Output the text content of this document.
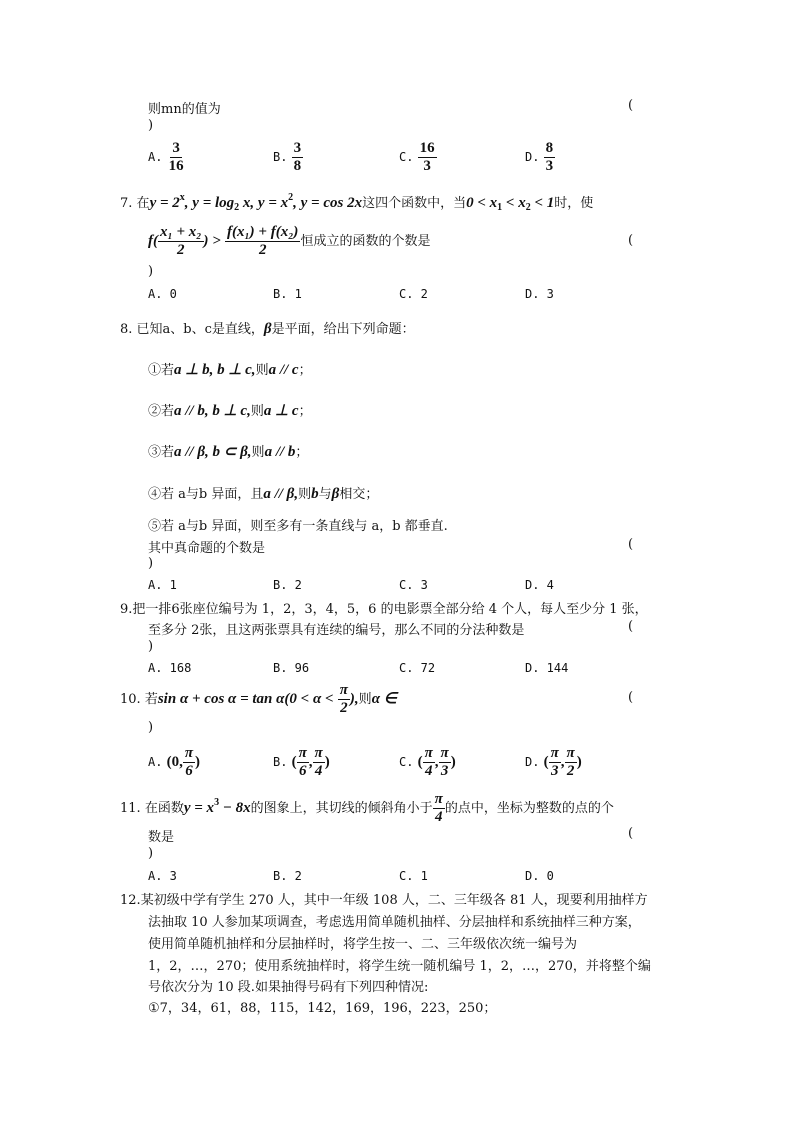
则mn的值为	(
)
A. $\frac{3}{16}$	B. $\frac{3}{8}$	C. $\frac{16}{3}$	D. $\frac{8}{3}$
7. 在$y = 2^x$, $y = \log_2 x$, $y = x^2$, y = cos 2x这四个函数中，当$0 < x_1 < x_2 < 1$时，使
$f( \frac{\text{x₁ + x₂}}{2}$ ) > $\frac{\text{f(x₁) + f(x₂)}}{2}$ 恒成立的函数的个数是	(
)
A. 0	B. 1	C. 2	D. 3
8. 已知a、b、c是直线，β是平面，给出下列命题：
①若a ⊥ b, b ⊥ c,则a // c；
②若a // b, b ⊥ c,则a ⊥ c；
③若a // β, b ⊂ β,则a // b；
④若 a与b 异面，且a // β,则b与β相交；
⑤若 a与b 异面，则至多有一条直线与 a，b 都垂直.
其中真命题的个数是	(
)
A. 1	B. 2	C. 3	D. 4
9.把一排6张座位编号为 1，2，3，4，5，6 的电影票全部分给 4 个人，每人至少分 1 张，
至多分 2张，且这两张票具有连续的编号，那么不同的分法种数是	(
)
A. 168	B. 96	C. 72	D. 144
10. 若$\sin \alpha + \cos \alpha = \tan \alpha(0 < \alpha < \frac{\pi}{2}$ ),则α ∈	(
)
A. (0, $\frac{\pi}{6}$ )	B. ( $\frac{\pi}{6}$ , $\frac{\pi}{4}$ )	C. ( $\frac{\pi}{4}$ , $\frac{\pi}{3}$ )	D. ( $\frac{\pi}{3}$ , $\frac{\pi}{2}$ )
11. 在函数$y = x^3 - 8x$的图象上，其切线的倾斜角小于 $\frac{\pi}{4}$ 的点中，坐标为整数的点的个
数是	(
)
A. 3	B. 2	C. 1	D. 0
12.某初级中学有学生 270 人，其中一年级 108 人，二、三年级各 81 人，现要利用抽样方
法抽取 10 人参加某项调查，考虑选用简单随机抽样、分层抽样和系统抽样三种方案，
使用简单随机抽样和分层抽样时，将学生按一、二、三年级依次统一编号为
1，2，…，270；使用系统抽样时，将学生统一随机编号 1，2，…，270，并将整个编
号依次分为 10 段.如果抽得号码有下列四种情况:
①7，34，61，88，115，142，169，196，223，250；
